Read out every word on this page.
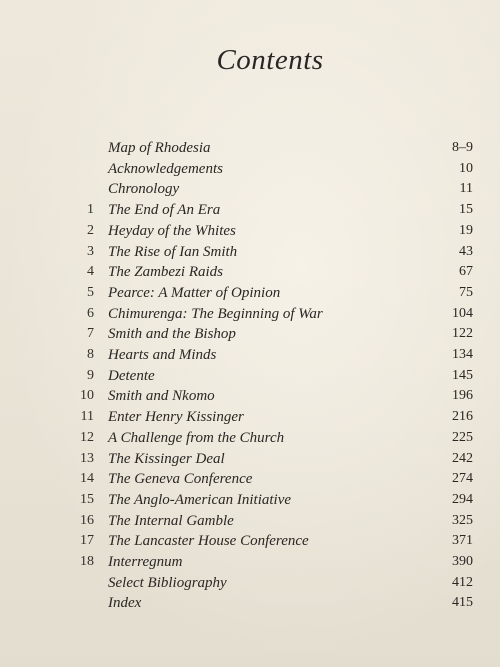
Contents
Map of Rhodesia	8–9
Acknowledgements	10
Chronology	11
1 The End of An Era	15
2 Heyday of the Whites	19
3 The Rise of Ian Smith	43
4 The Zambezi Raids	67
5 Pearce: A Matter of Opinion	75
6 Chimurenga: The Beginning of War	104
7 Smith and the Bishop	122
8 Hearts and Minds	134
9 Detente	145
10 Smith and Nkomo	196
11 Enter Henry Kissinger	216
12 A Challenge from the Church	225
13 The Kissinger Deal	242
14 The Geneva Conference	274
15 The Anglo-American Initiative	294
16 The Internal Gamble	325
17 The Lancaster House Conference	371
18 Interregnum	390
Select Bibliography	412
Index	415
